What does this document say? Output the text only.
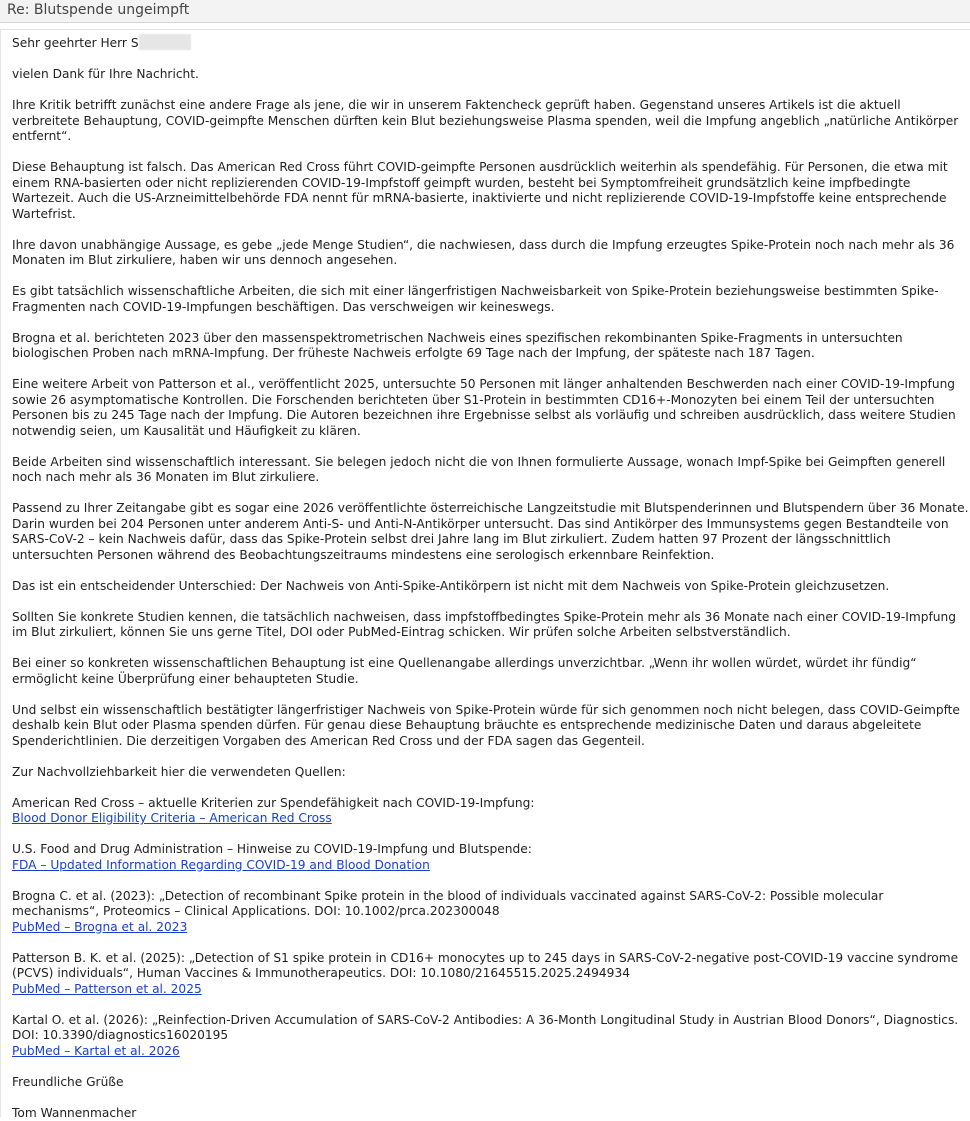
Re: Blutspende ungeimpft

Sehr geehrter Herr S

vielen Dank für Ihre Nachricht.

Ihre Kritik betrifft zunächst eine andere Frage als jene, die wir in unserem Faktencheck geprüft haben. Gegenstand unseres Artikels ist die aktuell verbreitete Behauptung, COVID-geimpfte Menschen dürften kein Blut beziehungsweise Plasma spenden, weil die Impfung angeblich „natürliche Antikörper entfernt“.

Diese Behauptung ist falsch. Das American Red Cross führt COVID-geimpfte Personen ausdrücklich weiterhin als spendefähig. Für Personen, die etwa mit einem RNA-basierten oder nicht replizierenden COVID-19-Impfstoff geimpft wurden, besteht bei Symptomfreiheit grundsätzlich keine impfbedingte Wartezeit. Auch die US-Arzneimittelbehörde FDA nennt für mRNA-basierte, inaktivierte und nicht replizierende COVID-19-Impfstoffe keine entsprechende Wartefrist.

Ihre davon unabhängige Aussage, es gebe „jede Menge Studien“, die nachwiesen, dass durch die Impfung erzeugtes Spike-Protein noch nach mehr als 36 Monaten im Blut zirkuliere, haben wir uns dennoch angesehen.

Es gibt tatsächlich wissenschaftliche Arbeiten, die sich mit einer längerfristigen Nachweisbarkeit von Spike-Protein beziehungsweise bestimmten Spike-Fragmenten nach COVID-19-Impfungen beschäftigen. Das verschweigen wir keineswegs.

Brogna et al. berichteten 2023 über den massenspektrometrischen Nachweis eines spezifischen rekombinanten Spike-Fragments in untersuchten biologischen Proben nach mRNA-Impfung. Der früheste Nachweis erfolgte 69 Tage nach der Impfung, der späteste nach 187 Tagen.

Eine weitere Arbeit von Patterson et al., veröffentlicht 2025, untersuchte 50 Personen mit länger anhaltenden Beschwerden nach einer COVID-19-Impfung sowie 26 asymptomatische Kontrollen. Die Forschenden berichteten über S1-Protein in bestimmten CD16+-Monozyten bei einem Teil der untersuchten Personen bis zu 245 Tage nach der Impfung. Die Autoren bezeichnen ihre Ergebnisse selbst als vorläufig und schreiben ausdrücklich, dass weitere Studien notwendig seien, um Kausalität und Häufigkeit zu klären.

Beide Arbeiten sind wissenschaftlich interessant. Sie belegen jedoch nicht die von Ihnen formulierte Aussage, wonach Impf-Spike bei Geimpften generell noch nach mehr als 36 Monaten im Blut zirkuliere.

Passend zu Ihrer Zeitangabe gibt es sogar eine 2026 veröffentlichte österreichische Langzeitstudie mit Blutspenderinnen und Blutspendern über 36 Monate. Darin wurden bei 204 Personen unter anderem Anti-S- und Anti-N-Antikörper untersucht. Das sind Antikörper des Immunsystems gegen Bestandteile von SARS-CoV-2 – kein Nachweis dafür, dass das Spike-Protein selbst drei Jahre lang im Blut zirkuliert. Zudem hatten 97 Prozent der längsschnittlich untersuchten Personen während des Beobachtungszeitraums mindestens eine serologisch erkennbare Reinfektion.

Das ist ein entscheidender Unterschied: Der Nachweis von Anti-Spike-Antikörpern ist nicht mit dem Nachweis von Spike-Protein gleichzusetzen.

Sollten Sie konkrete Studien kennen, die tatsächlich nachweisen, dass impfstoffbedingtes Spike-Protein mehr als 36 Monate nach einer COVID-19-Impfung im Blut zirkuliert, können Sie uns gerne Titel, DOI oder PubMed-Eintrag schicken. Wir prüfen solche Arbeiten selbstverständlich.

Bei einer so konkreten wissenschaftlichen Behauptung ist eine Quellenangabe allerdings unverzichtbar. „Wenn ihr wollen würdet, würdet ihr fündig“ ermöglicht keine Überprüfung einer behaupteten Studie.

Und selbst ein wissenschaftlich bestätigter längerfristiger Nachweis von Spike-Protein würde für sich genommen noch nicht belegen, dass COVID-Geimpfte deshalb kein Blut oder Plasma spenden dürfen. Für genau diese Behauptung bräuchte es entsprechende medizinische Daten und daraus abgeleitete Spenderichtlinien. Die derzeitigen Vorgaben des American Red Cross und der FDA sagen das Gegenteil.

Zur Nachvollziehbarkeit hier die verwendeten Quellen:

American Red Cross – aktuelle Kriterien zur Spendefähigkeit nach COVID-19-Impfung:
Blood Donor Eligibility Criteria – American Red Cross

U.S. Food and Drug Administration – Hinweise zu COVID-19-Impfung und Blutspende:
FDA – Updated Information Regarding COVID-19 and Blood Donation

Brogna C. et al. (2023): „Detection of recombinant Spike protein in the blood of individuals vaccinated against SARS-CoV-2: Possible molecular mechanisms“, Proteomics – Clinical Applications. DOI: 10.1002/prca.202300048
PubMed – Brogna et al. 2023

Patterson B. K. et al. (2025): „Detection of S1 spike protein in CD16+ monocytes up to 245 days in SARS-CoV-2-negative post-COVID-19 vaccine syndrome (PCVS) individuals“, Human Vaccines & Immunotherapeutics. DOI: 10.1080/21645515.2025.2494934
PubMed – Patterson et al. 2025

Kartal O. et al. (2026): „Reinfection-Driven Accumulation of SARS-CoV-2 Antibodies: A 36-Month Longitudinal Study in Austrian Blood Donors“, Diagnostics. DOI: 10.3390/diagnostics16020195
PubMed – Kartal et al. 2026

Freundliche Grüße

Tom Wannenmacher
